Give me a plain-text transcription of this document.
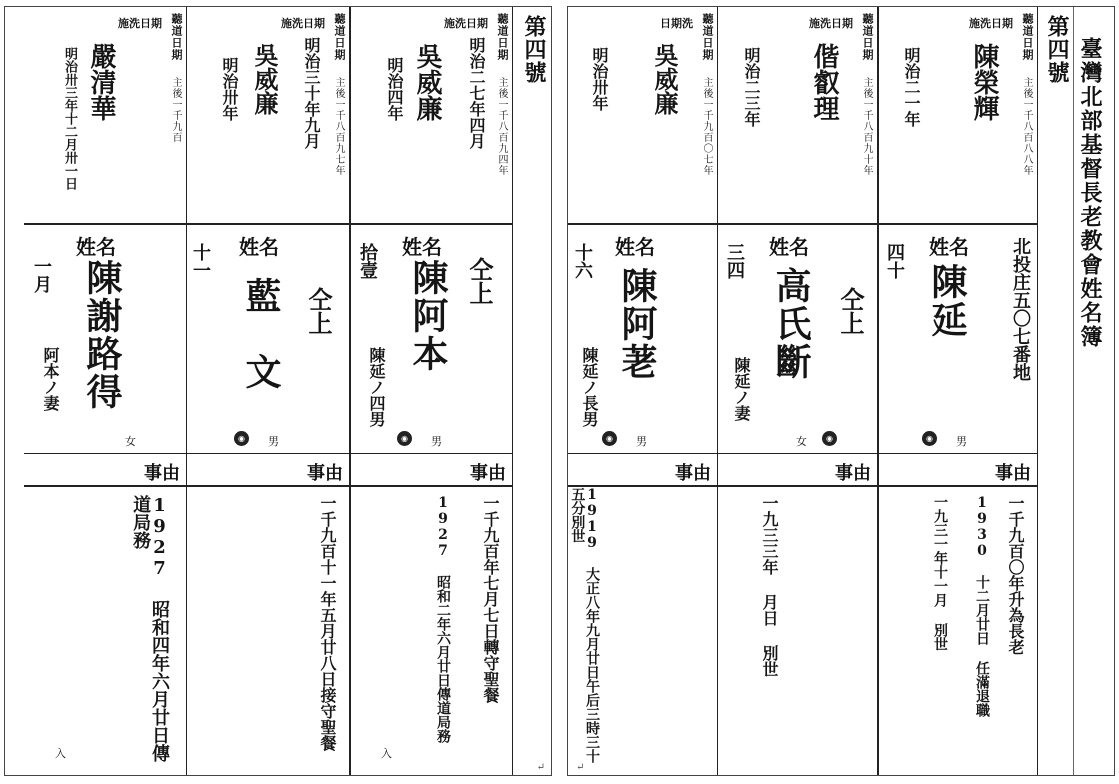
第四號
聽道日期
施洗日期
明治二七年四月 主後一千八百九四年
吳威廉
明治四年
仝上
姓名
陳阿本
拾壹
陳延ノ四男
◉	男
事由
一千九百年七月七日轉守聖餐
1927 昭和二年六月廿日傳道局務
入
聽道日期
施洗日期
明治三十年九月 主後一千八百九七年
吳威廉
明治卅年
仝上
姓名
藍文
十一
◉	男
事由
一千九百十一年五月廿八日接守聖餐
聽道日期
施洗日期
主後一千九百
嚴清華
明治卅三年十二月卅一日
姓名
陳謝路得
一月
阿本ノ妻
女
事由
1927 昭和四年六月廿日傳道局務
入
↵
臺灣北部基督長老教會姓名簿
第四號
聽道日期
施洗日期
明治二一年	主後一千八百八八年
陳榮輝
北投庄五〇七番地
姓名
陳延
四十
◉	男
事由
一千九百〇年升為長老
1930 十二月廿日 任滿退職
一九三一年十一月 別世
聽道日期
施洗日期
明治二三年	主後一千八百九十年
偕叡理
仝上
姓名
高氏斷
三四
陳延ノ妻
◉
女
事由
一九三三年 月日 別世
聽道日期
日期洗
明治卅年	主後一千九百〇七年
吳威廉
姓名
陳阿荖
十六
陳延ノ長男
◉	男
事由
1919 大正八年九月廿日午后三時三十五分別世
↵
